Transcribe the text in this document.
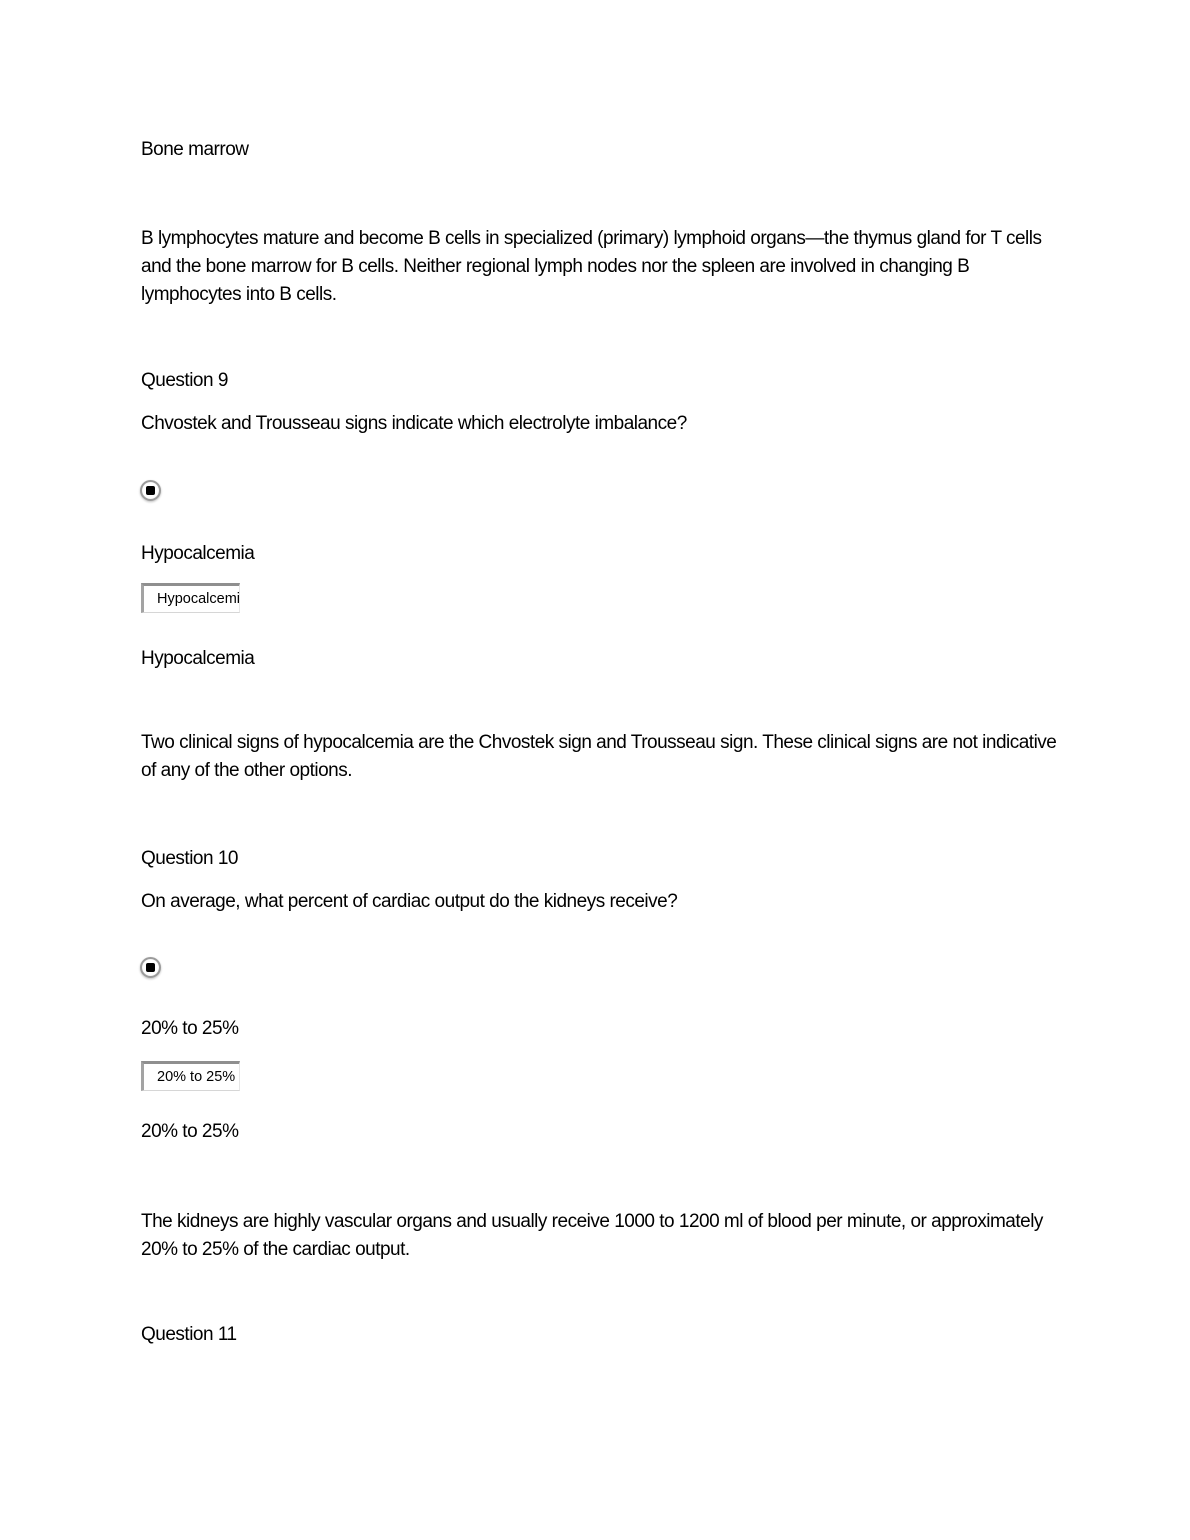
Bone marrow
B lymphocytes mature and become B cells in specialized (primary) lymphoid organs—the thymus gland for T cells and the bone marrow for B cells. Neither regional lymph nodes nor the spleen are involved in changing B lymphocytes into B cells.
Question 9
Chvostek and Trousseau signs indicate which electrolyte imbalance?
Hypocalcemia
Hypocalcemia
Hypocalcemia
Two clinical signs of hypocalcemia are the Chvostek sign and Trousseau sign. These clinical signs are not indicative of any of the other options.
Question 10
On average, what percent of cardiac output do the kidneys receive?
20% to 25%
20% to 25%
20% to 25%
The kidneys are highly vascular organs and usually receive 1000 to 1200 ml of blood per minute, or approximately 20% to 25% of the cardiac output.
Question 11
